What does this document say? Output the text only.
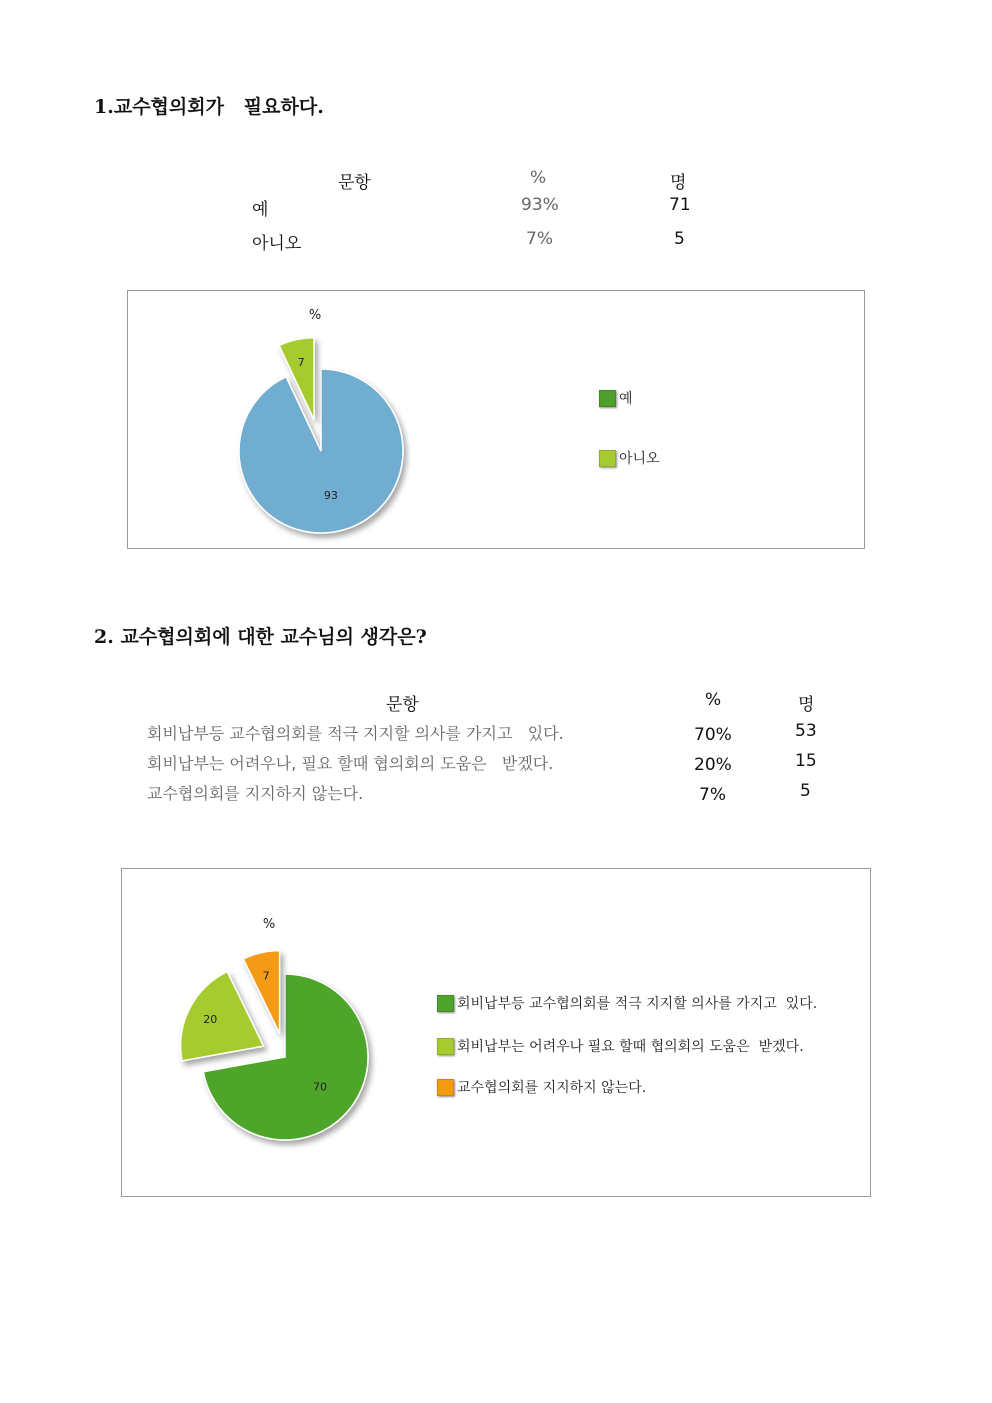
1.교수협의회가   필요하다.
문항	%	명
예	93%	71
아니오	7%	5
93
7
%
예
아니오
2. 교수협의회에 대한 교수님의 생각은?
문항	%	명
회비납부등 교수협의회를 적극 지지할 의사를 가지고   있다.	70%	53
회비납부는 어려우나, 필요 할때 협의회의 도움은   받겠다.	20%	15
교수협의회를 지지하지 않는다.	7%	5
70
20
7
%
회비납부등 교수협의회를 적극 지지할 의사를 가지고  있다.
회비납부는 어려우나 필요 할때 협의회의 도움은  받겠다.
교수협의회를 지지하지 않는다.
